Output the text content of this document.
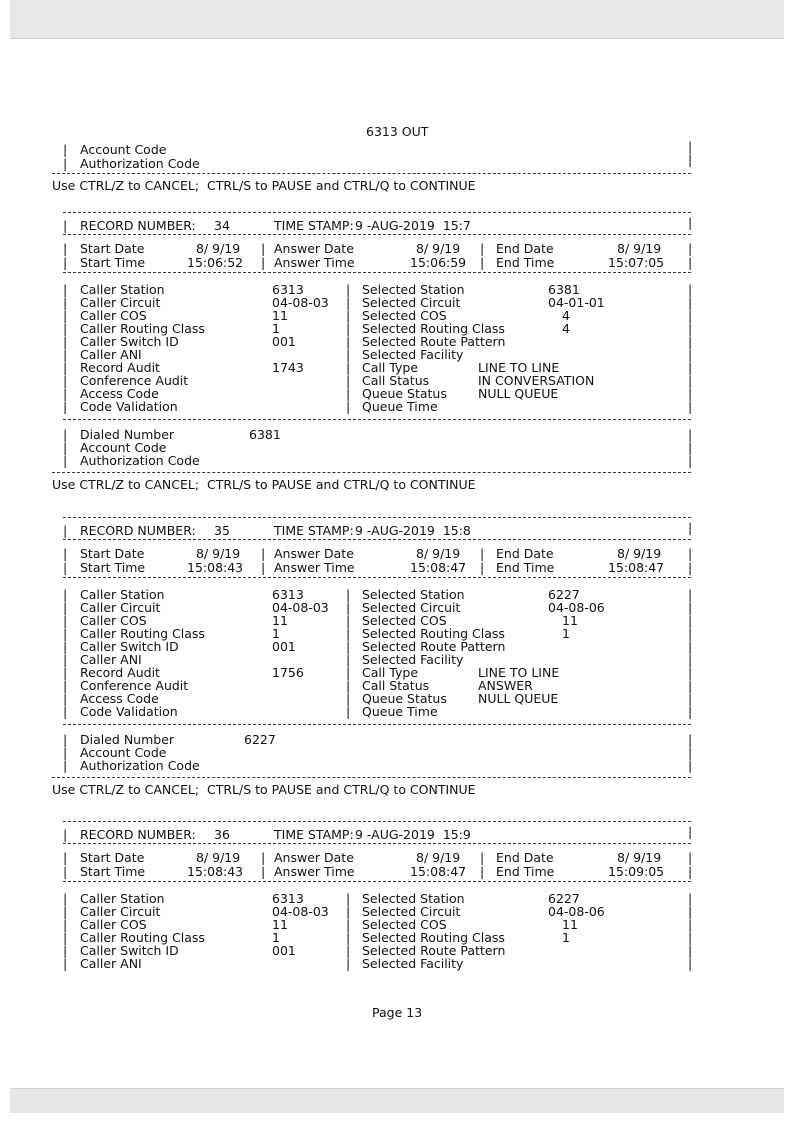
6313 OUT
|
|
|
|
Account Code
Authorization Code
Use CTRL/Z to CANCEL;  CTRL/S to PAUSE and CTRL/Q to CONTINUE
|	|
RECORD NUMBER: 34	TIME STAMP: 9 -AUG-2019  15:7
|
|
|
|
Start Date	8/ 9/19 | Answer Date	8/ 9/19 | End Date	8/ 9/19
Start Time	15:06:52 | Answer Time	15:06:59 | End Time	15:07:05
|	|
Caller Station	6313	| Selected Station	6381
|	|
Caller Circuit	04-08-03 | Selected Circuit	04-01-01
|	|
Caller COS	11	| Selected COS	4
|	|
Caller Routing Class	1	| Selected Routing Class	4
|	|
Caller Switch ID	001	| Selected Route Pattern
|	|
Caller ANI	| Selected Facility
|	|
Record Audit	1743	| Call Type	LINE TO LINE
|	|
Conference Audit	| Call Status	IN CONVERSATION
|	|
Access Code	| Queue Status NULL QUEUE
|	|
Code Validation	| Queue Time
|
|
|
|
|
|
Dialed Number	6381
Account Code
Authorization Code
Use CTRL/Z to CANCEL;  CTRL/S to PAUSE and CTRL/Q to CONTINUE
|	|
RECORD NUMBER: 35	TIME STAMP: 9 -AUG-2019  15:8
|
|
|
|
Start Date	8/ 9/19 | Answer Date	8/ 9/19 | End Date	8/ 9/19
Start Time	15:08:43 | Answer Time	15:08:47 | End Time	15:08:47
|	|
Caller Station	6313	| Selected Station	6227
|	|
Caller Circuit	04-08-03 | Selected Circuit	04-08-06
|	|
Caller COS	11	| Selected COS	11
|	|
Caller Routing Class	1	| Selected Routing Class	1
|	|
Caller Switch ID	001	| Selected Route Pattern
|	|
Caller ANI	| Selected Facility
|	|
Record Audit	1756	| Call Type	LINE TO LINE
|	|
Conference Audit	| Call Status	ANSWER
|	|
Access Code	| Queue Status NULL QUEUE
|	|
Code Validation	| Queue Time
|
|
|
|
|
|
Dialed Number	6227
Account Code
Authorization Code
Use CTRL/Z to CANCEL;  CTRL/S to PAUSE and CTRL/Q to CONTINUE
|	|
RECORD NUMBER: 36	TIME STAMP: 9 -AUG-2019  15:9
|
|
|
|
Start Date	8/ 9/19 | Answer Date	8/ 9/19 | End Date	8/ 9/19
Start Time	15:08:43 | Answer Time	15:08:47 | End Time	15:09:05
|	|
Caller Station	6313	| Selected Station	6227
|	|
Caller Circuit	04-08-03 | Selected Circuit	04-08-06
|	|
Caller COS	11	| Selected COS	11
|	|
Caller Routing Class	1	| Selected Routing Class	1
|	|
Caller Switch ID	001	| Selected Route Pattern
|	|
Caller ANI	| Selected Facility
Page 13
